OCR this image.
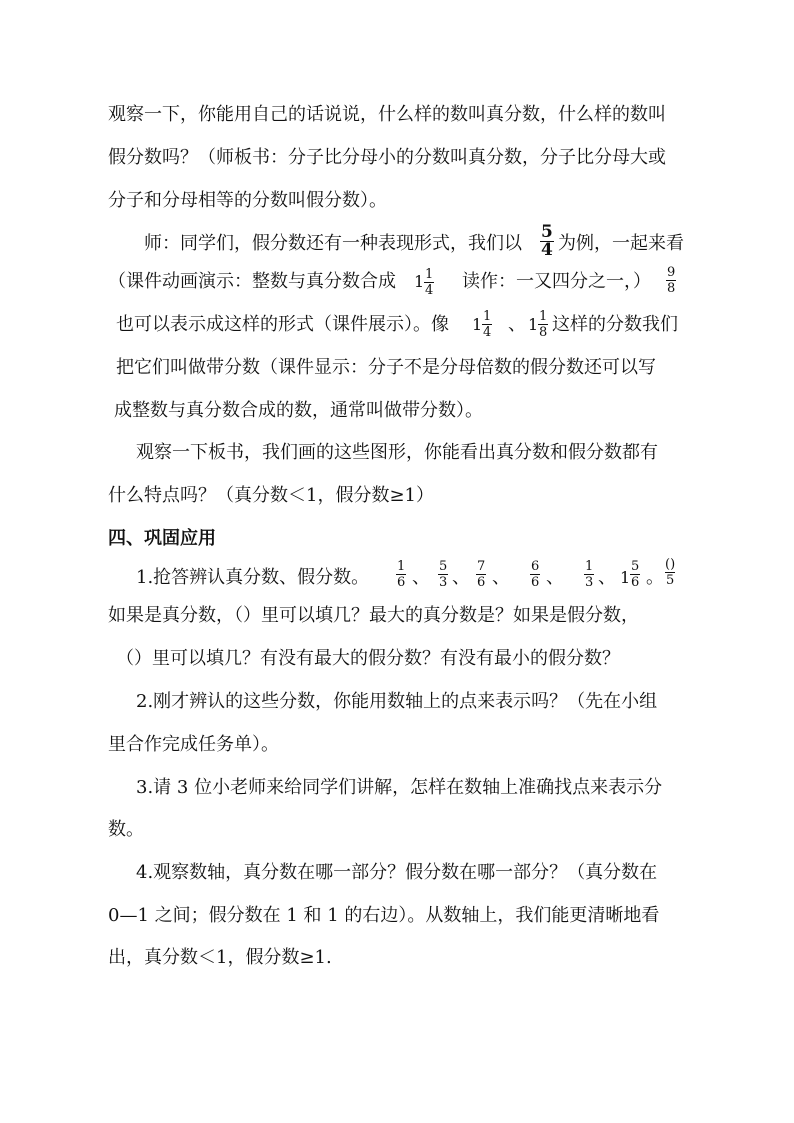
观察一下，你能用自己的话说说，什么样的数叫真分数，什么样的数叫
假分数吗？（师板书：分子比分母小的分数叫真分数，分子比分母大或
分子和分母相等的分数叫假分数）。
师：同学们，假分数还有一种表现形式，我们以 $\frac{5}{4}$ 为例，一起来看
（课件动画演示：整数与真分数合成 $1 \frac{1}{4}$ 读作：一又四分之一，） $\frac{9}{8}$
也可以表示成这样的形式（课件展示）。像 $1 \frac{1}{4}$ 、 $1 \frac{1}{8}$ 这样的分数我们
把它们叫做带分数（课件显示：分子不是分母倍数的假分数还可以写
成整数与真分数合成的数，通常叫做带分数）。
观察一下板书，我们画的这些图形，你能看出真分数和假分数都有
什么特点吗？（真分数＜1，假分数≥1）
四、巩固应用
1.抢答辨认真分数、假分数。 $\frac{1}{6}$ 、 $\frac{5}{3}$ 、 $\frac{7}{6}$ 、 $\frac{6}{6}$ 、 $\frac{1}{3}$ 、 $1 \frac{5}{6}$ 。
()
5
如果是真分数，（）里可以填几？最大的真分数是？如果是假分数，
（）里可以填几？有没有最大的假分数？有没有最小的假分数？
2.刚才辨认的这些分数，你能用数轴上的点来表示吗？（先在小组
里合作完成任务单）。
3.请 3 位小老师来给同学们讲解，怎样在数轴上准确找点来表示分
数。
4.观察数轴，真分数在哪一部分？假分数在哪一部分？（真分数在
0—1 之间；假分数在 1 和 1 的右边）。从数轴上，我们能更清晰地看
出，真分数＜1，假分数≥1.
